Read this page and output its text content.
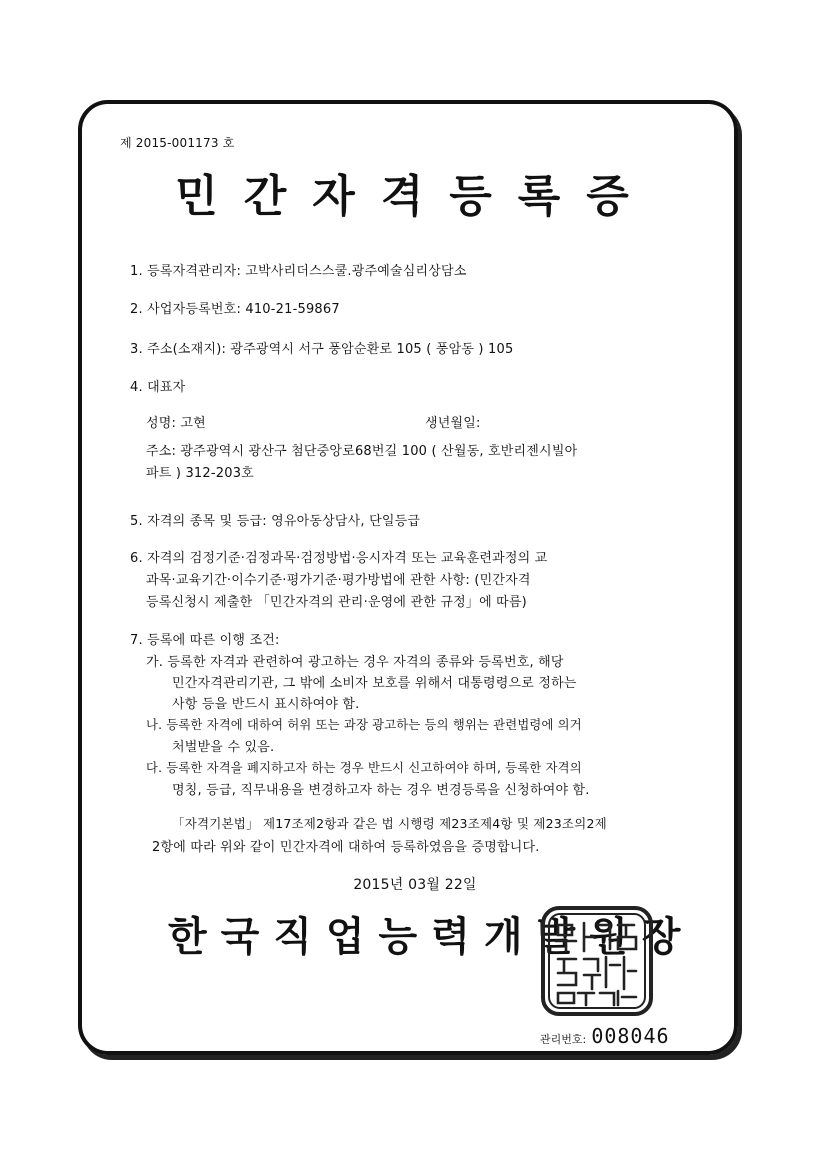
제 2015-001173 호
민간자격등록증
1. 등록자격관리자: 고박사리더스스쿨.광주예술심리상담소
2. 사업자등록번호: 410-21-59867
3. 주소(소재지): 광주광역시 서구 풍암순환로 105 ( 풍암동 ) 105
4. 대표자
성명: 고현	생년월일:
주소: 광주광역시 광산구 첨단중앙로68번길 100 ( 산월동, 호반리젠시빌아
파트 ) 312-203호
5. 자격의 종목 및 등급: 영유아동상담사, 단일등급
6. 자격의 검정기준·검정과목·검정방법·응시자격 또는 교육훈련과정의 교
과목·교육기간·이수기준·평가기준·평가방법에 관한 사항: (민간자격
등록신청시 제출한 「민간자격의 관리·운영에 관한 규정」에 따름)
7. 등록에 따른 이행 조건:
가. 등록한 자격과 관련하여 광고하는 경우 자격의 종류와 등록번호, 해당
민간자격관리기관, 그 밖에 소비자 보호를 위해서 대통령령으로 정하는
사항 등을 반드시 표시하여야 함.
나. 등록한 자격에 대하여 허위 또는 과장 광고하는 등의 행위는 관련법령에 의거
처벌받을 수 있음.
다. 등록한 자격을 폐지하고자 하는 경우 반드시 신고하여야 하며, 등록한 자격의
명칭, 등급, 직무내용을 변경하고자 하는 경우 변경등록을 신청하여야 함.
「자격기본법」 제17조제2항과 같은 법 시행령 제23조제4항 및 제23조의2제
2항에 따라 위와 같이 민간자격에 대하여 등록하였음을 증명합니다.
2015년 03월 22일
한국직업능력개발원장
관리번호: 008046
